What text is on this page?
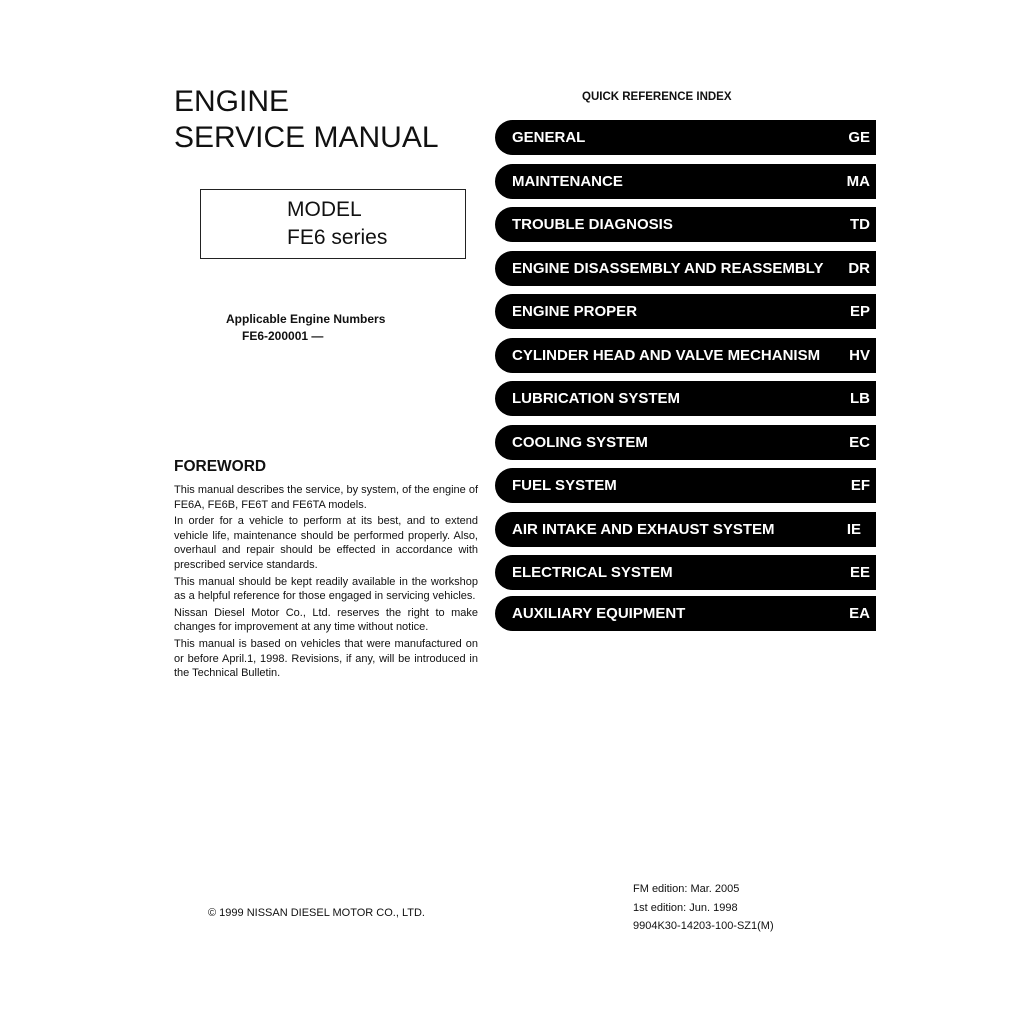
ENGINE
SERVICE MANUAL
MODEL
FE6 series
Applicable Engine Numbers
FE6-200001 —
FOREWORD

This manual describes the service, by system, of the engine of FE6A, FE6B, FE6T and FE6TA models.

In order for a vehicle to perform at its best, and to extend vehicle life, maintenance should be performed properly. Also, overhaul and repair should be effected in accordance with prescribed service standards.

This manual should be kept readily available in the workshop as a helpful reference for those engaged in servicing vehicles.

Nissan Diesel Motor Co., Ltd. reserves the right to make changes for improvement at any time without notice.

This manual is based on vehicles that were manufactured on or before April.1, 1998. Revisions, if any, will be introduced in the Technical Bulletin.

© 1999 NISSAN DIESEL MOTOR CO., LTD.
FM edition: Mar. 2005
1st edition: Jun. 1998
9904K30-14203-100-SZ1(M)
QUICK REFERENCE INDEX
GENERAL	GE
MAINTENANCE	MA
TROUBLE DIAGNOSIS	TD
ENGINE DISASSEMBLY AND REASSEMBLY DR
ENGINE PROPER	EP
CYLINDER HEAD AND VALVE MECHANISM HV
LUBRICATION SYSTEM	LB
COOLING SYSTEM	EC
FUEL SYSTEM	EF
AIR INTAKE AND EXHAUST SYSTEM	IE
ELECTRICAL SYSTEM	EE
AUXILIARY EQUIPMENT	EA
